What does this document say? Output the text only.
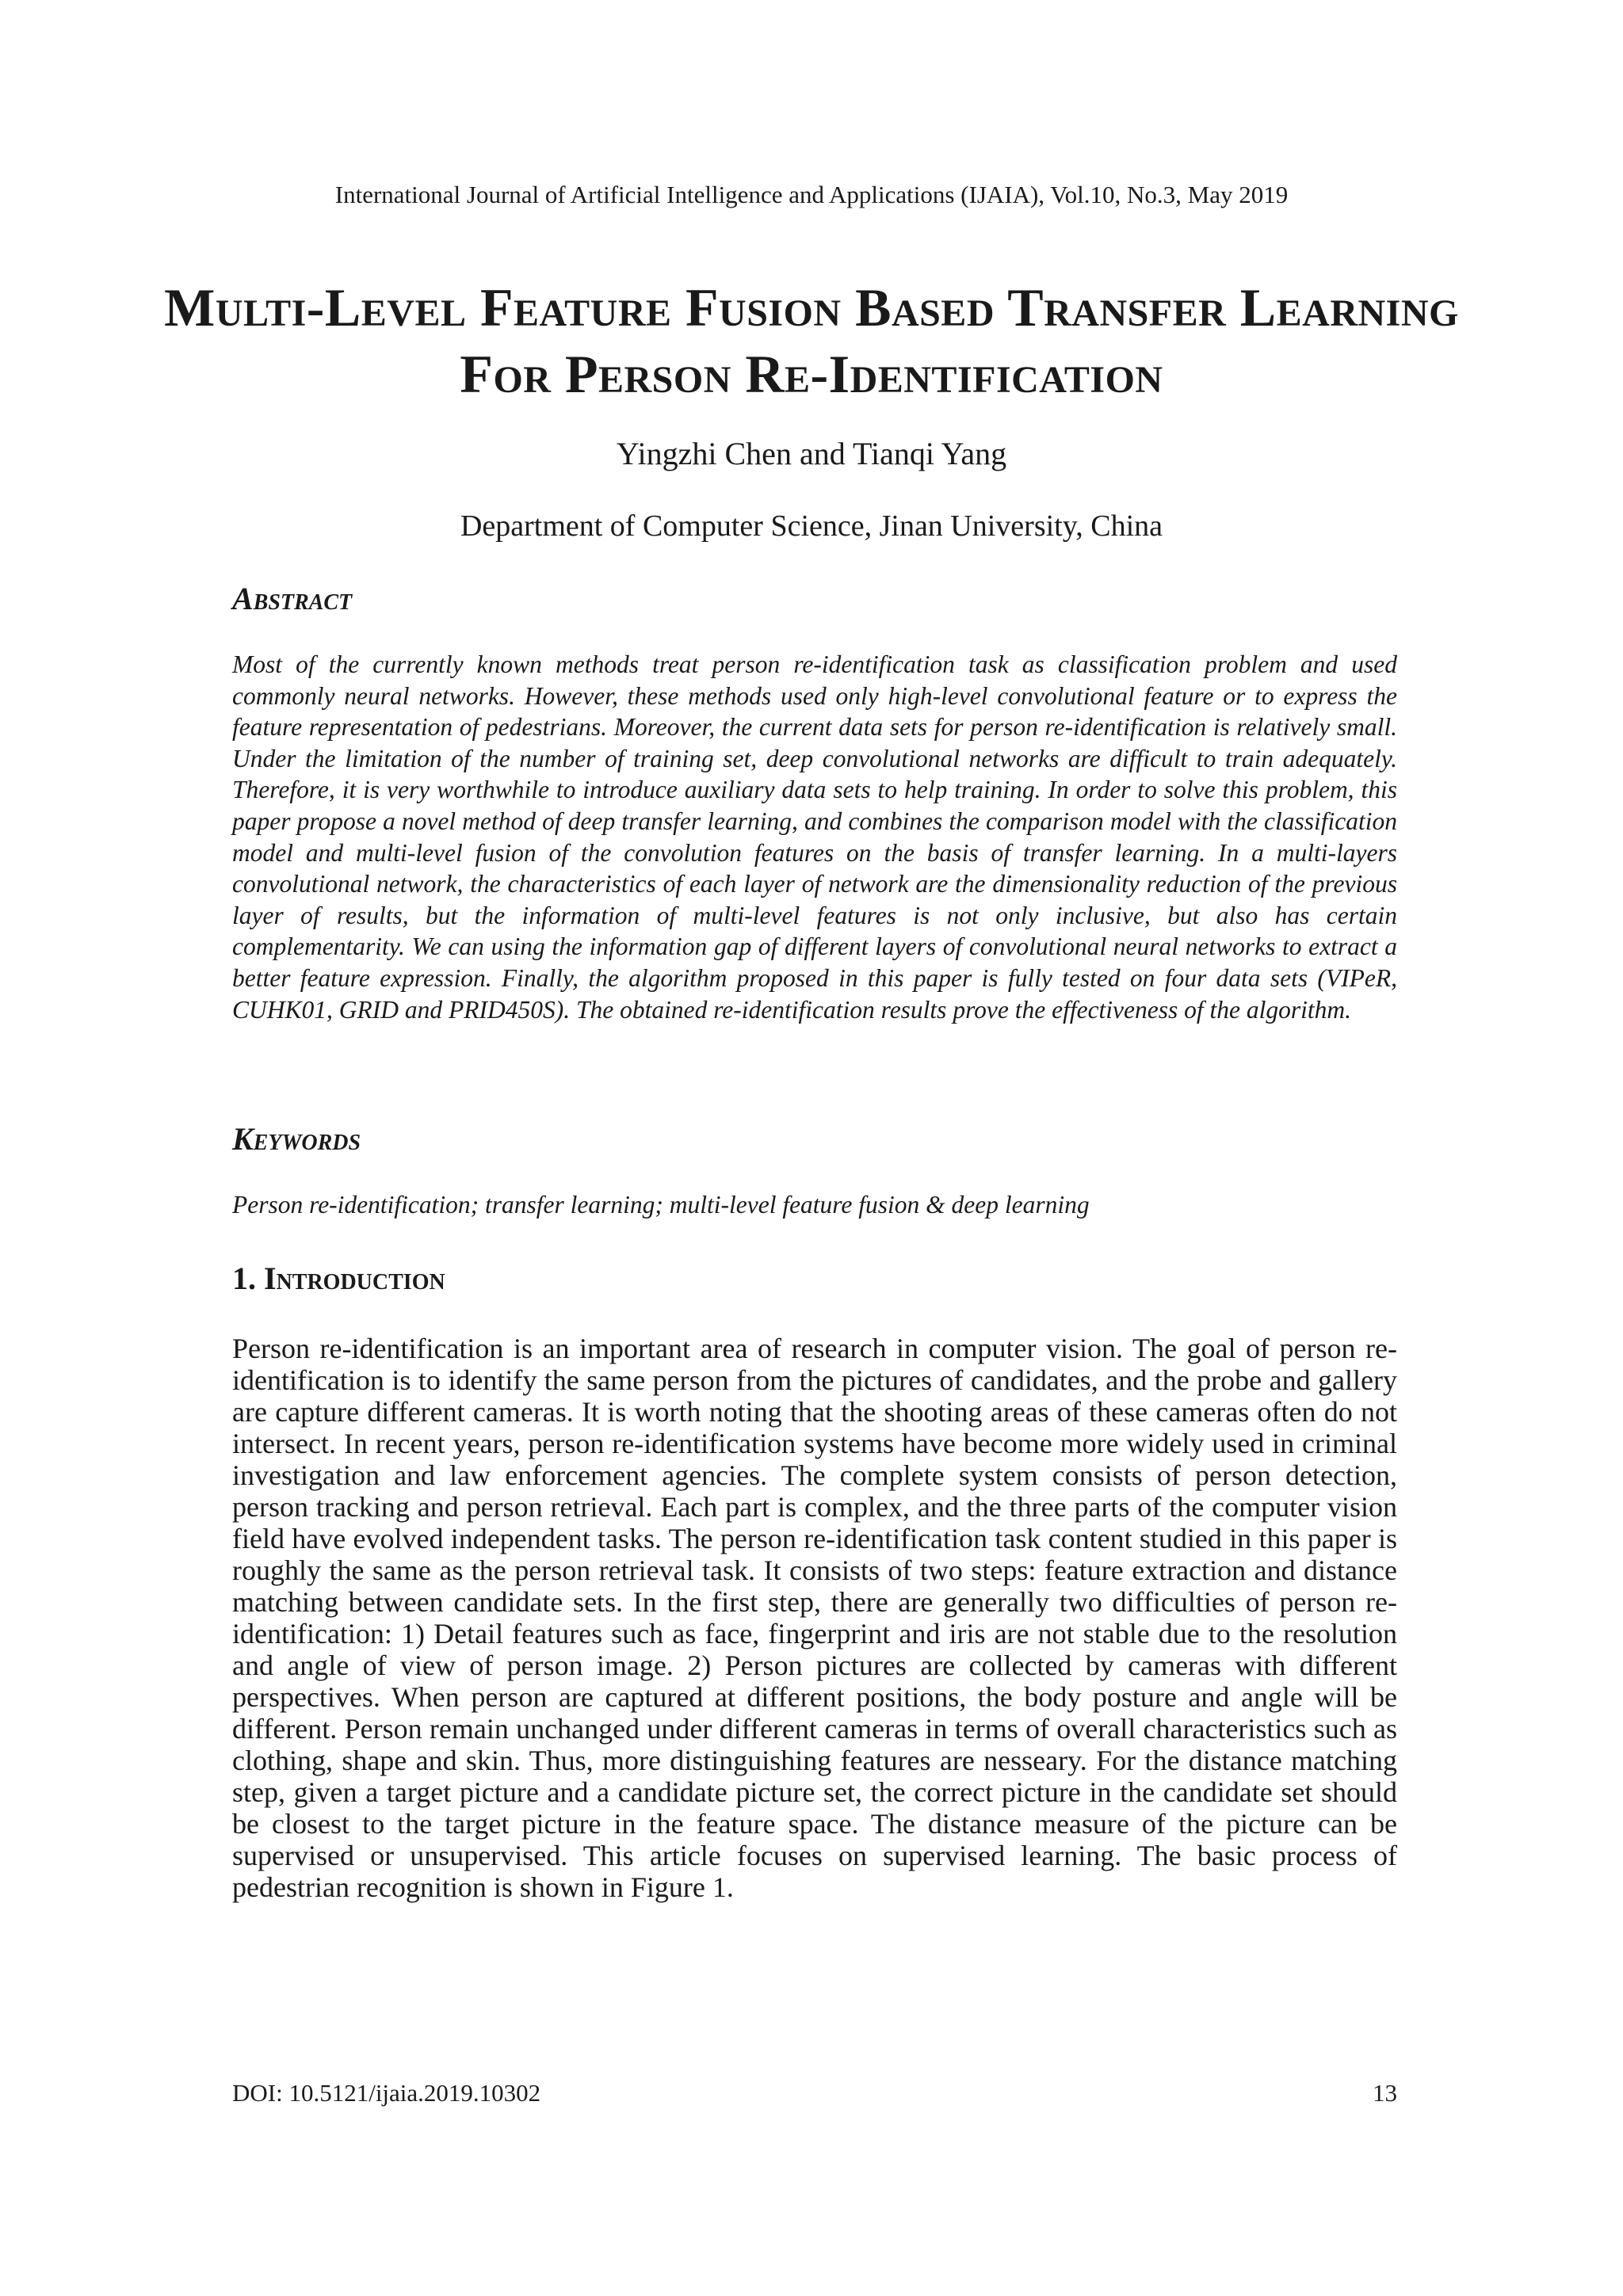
International Journal of Artificial Intelligence and Applications (IJAIA), Vol.10, No.3, May 2019
Multi-Level Feature Fusion Based Transfer Learning For Person Re-Identification
Yingzhi Chen and Tianqi Yang
Department of Computer Science, Jinan University, China
Abstract
Most of the currently known methods treat person re-identification task as classification problem and used commonly neural networks. However, these methods used only high-level convolutional feature or to express the feature representation of pedestrians. Moreover, the current data sets for person re-identification is relatively small. Under the limitation of the number of training set, deep convolutional networks are difficult to train adequately. Therefore, it is very worthwhile to introduce auxiliary data sets to help training. In order to solve this problem, this paper propose a novel method of deep transfer learning, and combines the comparison model with the classification model and multi-level fusion of the convolution features on the basis of transfer learning. In a multi-layers convolutional network, the characteristics of each layer of network are the dimensionality reduction of the previous layer of results, but the information of multi-level features is not only inclusive, but also has certain complementarity. We can using the information gap of different layers of convolutional neural networks to extract a better feature expression. Finally, the algorithm proposed in this paper is fully tested on four data sets (VIPeR, CUHK01, GRID and PRID450S). The obtained re-identification results prove the effectiveness of the algorithm.
Keywords
Person re-identification; transfer learning; multi-level feature fusion & deep learning
1. Introduction
Person re-identification is an important area of research in computer vision. The goal of person re-identification is to identify the same person from the pictures of candidates, and the probe and gallery are capture different cameras. It is worth noting that the shooting areas of these cameras often do not intersect. In recent years, person re-identification systems have become more widely used in criminal investigation and law enforcement agencies. The complete system consists of person detection, person tracking and person retrieval. Each part is complex, and the three parts of the computer vision field have evolved independent tasks. The person re-identification task content studied in this paper is roughly the same as the person retrieval task. It consists of two steps: feature extraction and distance matching between candidate sets. In the first step, there are generally two difficulties of person re-identification: 1) Detail features such as face, fingerprint and iris are not stable due to the resolution and angle of view of person image. 2) Person pictures are collected by cameras with different perspectives. When person are captured at different positions, the body posture and angle will be different. Person remain unchanged under different cameras in terms of overall characteristics such as clothing, shape and skin. Thus, more distinguishing features are nesseary. For the distance matching step, given a target picture and a candidate picture set, the correct picture in the candidate set should be closest to the target picture in the feature space. The distance measure of the picture can be supervised or unsupervised. This article focuses on supervised learning. The basic process of pedestrian recognition is shown in Figure 1.
DOI: 10.5121/ijaia.2019.10302	13
